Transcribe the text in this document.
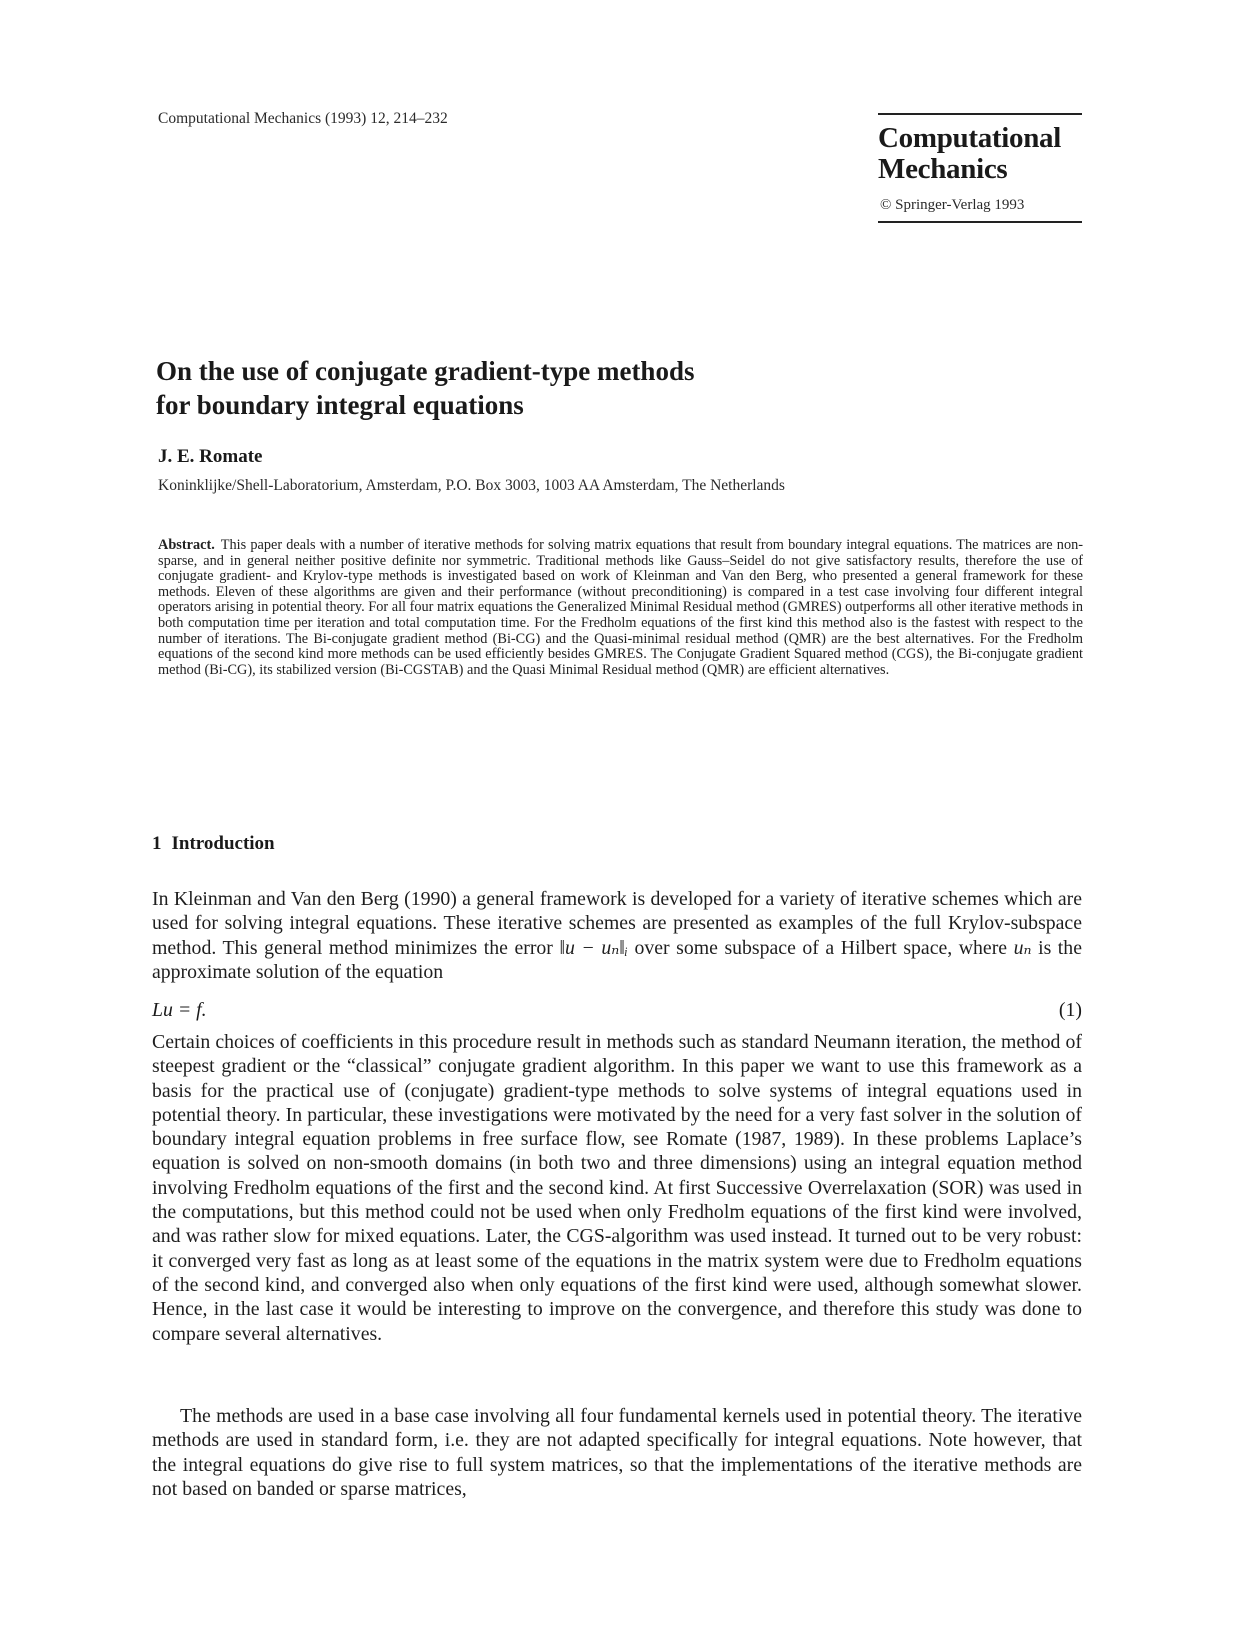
Computational Mechanics (1993) 12, 214–232
Computational
Mechanics
© Springer-Verlag 1993
On the use of conjugate gradient-type methods
for boundary integral equations
J. E. Romate
Koninklijke/Shell-Laboratorium, Amsterdam, P.O. Box 3003, 1003 AA Amsterdam, The Netherlands
Abstract. This paper deals with a number of iterative methods for solving matrix equations that result from boundary integral equations. The matrices are non-sparse, and in general neither positive definite nor symmetric. Traditional methods like Gauss–Seidel do not give satisfactory results, therefore the use of conjugate gradient- and Krylov-type methods is investigated based on work of Kleinman and Van den Berg, who presented a general framework for these methods. Eleven of these algorithms are given and their performance (without preconditioning) is compared in a test case involving four different integral operators arising in potential theory. For all four matrix equations the Generalized Minimal Residual method (GMRES) outperforms all other iterative methods in both computation time per iteration and total computation time. For the Fredholm equations of the first kind this method also is the fastest with respect to the number of iterations. The Bi-conjugate gradient method (Bi-CG) and the Quasi-minimal residual method (QMR) are the best alternatives. For the Fredholm equations of the second kind more methods can be used efficiently besides GMRES. The Conjugate Gradient Squared method (CGS), the Bi-conjugate gradient method (Bi-CG), its stabilized version (Bi-CGSTAB) and the Quasi Minimal Residual method (QMR) are efficient alternatives.
1 Introduction
In Kleinman and Van den Berg (1990) a general framework is developed for a variety of iterative schemes which are used for solving integral equations. These iterative schemes are presented as examples of the full Krylov-subspace method. This general method minimizes the error ‖u − uₙ‖ᵢ over some subspace of a Hilbert space, where uₙ is the approximate solution of the equation
Lu = f.	(1)
Certain choices of coefficients in this procedure result in methods such as standard Neumann iteration, the method of steepest gradient or the “classical” conjugate gradient algorithm. In this paper we want to use this framework as a basis for the practical use of (conjugate) gradient-type methods to solve systems of integral equations used in potential theory. In particular, these investigations were motivated by the need for a very fast solver in the solution of boundary integral equation problems in free surface flow, see Romate (1987, 1989). In these problems Laplace’s equation is solved on non-smooth domains (in both two and three dimensions) using an integral equation method involving Fredholm equations of the first and the second kind. At first Successive Overrelaxation (SOR) was used in the computations, but this method could not be used when only Fredholm equations of the first kind were involved, and was rather slow for mixed equations. Later, the CGS-algorithm was used instead. It turned out to be very robust: it converged very fast as long as at least some of the equations in the matrix system were due to Fredholm equations of the second kind, and converged also when only equations of the first kind were used, although somewhat slower. Hence, in the last case it would be interesting to improve on the convergence, and therefore this study was done to compare several alternatives.
The methods are used in a base case involving all four fundamental kernels used in potential theory. The iterative methods are used in standard form, i.e. they are not adapted specifically for integral equations. Note however, that the integral equations do give rise to full system matrices, so that the implementations of the iterative methods are not based on banded or sparse matrices,
